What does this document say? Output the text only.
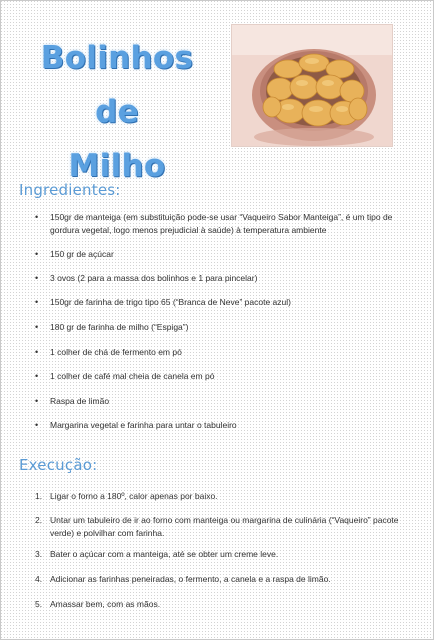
Bolinhos de
Milho
Ingredientes:
• 150gr de manteiga (em substituição pode-se usar “Vaqueiro Sabor Manteiga”, é um tipo de gordura vegetal, logo menos prejudicial à saúde) à temperatura ambiente
• 150 gr de açúcar
• 3 ovos (2 para a massa dos bolinhos e 1 para pincelar)
• 150gr de farinha de trigo tipo 65 (“Branca de Neve” pacote azul)
• 180 gr de farinha de milho (“Espiga”)
• 1 colher de chá de fermento em pó
• 1 colher de café mal cheia de canela em pó
• Raspa de limão
• Margarina vegetal e farinha para untar o tabuleiro
Execução:
1. Ligar o forno a 180º, calor apenas por baixo.
2. Untar um tabuleiro de ir ao forno com manteiga ou margarina de culinária (“Vaqueiro” pacote verde) e polvilhar com farinha.
3. Bater o açúcar com a manteiga, até se obter um creme leve.
4. Adicionar as farinhas peneiradas, o fermento, a canela e a raspa de limão.
5. Amassar bem, com as mãos.
